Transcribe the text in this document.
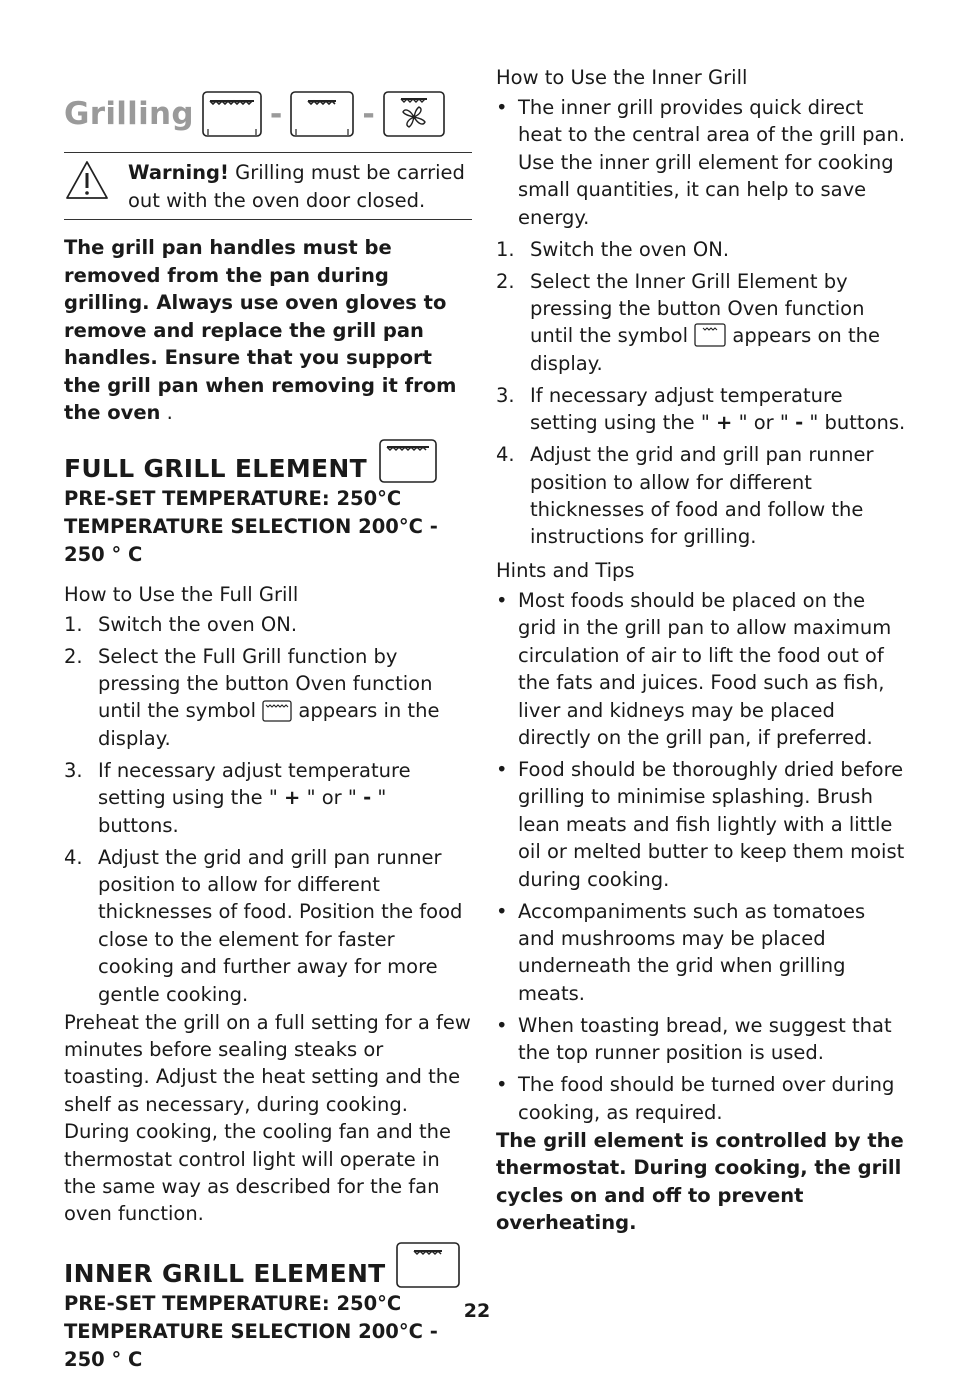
Grilling	-	-
Warning! Grilling must be carried out with the oven door closed.

The grill pan handles must be removed from the pan during grilling. Always use oven gloves to remove and replace the grill pan handles. Ensure that you support the grill pan when removing it from the oven .

FULL GRILL ELEMENT

PRE-SET TEMPERATURE: 250°C

TEMPERATURE SELECTION 200°C - 250 ° C

How to Use the Full Grill
1. Switch the oven ON.
2. Select the Full Grill function by pressing the button Oven function until the symbol  appears in the display.
3. If necessary adjust temperature setting using the " + " or " - " buttons.
4. Adjust the grid and grill pan runner position to allow for different thicknesses of food. Position the food close to the element for faster cooking and further away for more gentle cooking.
Preheat the grill on a full setting for a few minutes before sealing steaks or toasting. Adjust the heat setting and the shelf as necessary, during cooking.
During cooking, the cooling fan and the thermostat control light will operate in the same way as described for the fan oven function.
INNER GRILL ELEMENT

PRE-SET TEMPERATURE: 250°C

TEMPERATURE SELECTION 200°C - 250 ° C

How to Use the Inner Grill
• The inner grill provides quick direct heat to the central area of the grill pan. Use the inner grill element for cooking small quantities, it can help to save energy.
1. Switch the oven ON.
2. Select the Inner Grill Element by pressing the button Oven function until the symbol  appears on the display.
3. If necessary adjust temperature setting using the " + " or " - " buttons.
4. Adjust the grid and grill pan runner position to allow for different thicknesses of food and follow the instructions for grilling.
Hints and Tips
• Most foods should be placed on the grid in the grill pan to allow maximum circulation of air to lift the food out of the fats and juices. Food such as fish, liver and kidneys may be placed directly on the grill pan, if preferred.
• Food should be thoroughly dried before grilling to minimise splashing. Brush lean meats and fish lightly with a little oil or melted butter to keep them moist during cooking.
• Accompaniments such as tomatoes and mushrooms may be placed underneath the grid when grilling meats.
• When toasting bread, we suggest that the top runner position is used.
• The food should be turned over during cooking, as required.

The grill element is controlled by the thermostat. During cooking, the grill cycles on and off to prevent overheating.

22
